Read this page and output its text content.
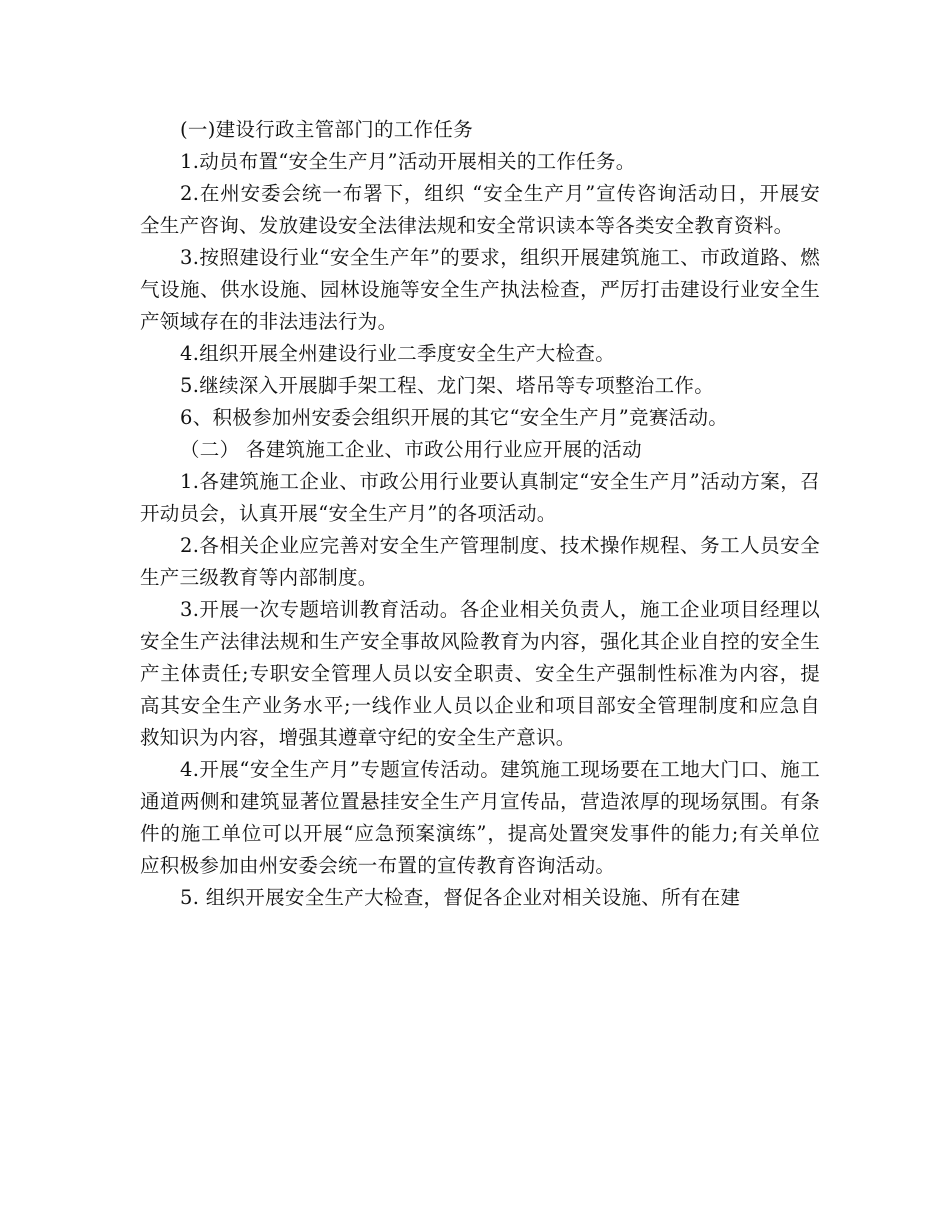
(一)建设行政主管部门的工作任务

1.动员布置“安全生产月”活动开展相关的工作任务。

2.在州安委会统一布署下，组织 “安全生产月”宣传咨询活动日，开展安全生产咨询、发放建设安全法律法规和安全常识读本等各类安全教育资料。

3.按照建设行业“安全生产年”的要求，组织开展建筑施工、市政道路、燃气设施、供水设施、园林设施等安全生产执法检查，严厉打击建设行业安全生产领域存在的非法违法行为。

4.组织开展全州建设行业二季度安全生产大检查。

5.继续深入开展脚手架工程、龙门架、塔吊等专项整治工作。

6、积极参加州安委会组织开展的其它“安全生产月”竞赛活动。

（二） 各建筑施工企业、市政公用行业应开展的活动

1.各建筑施工企业、市政公用行业要认真制定“安全生产月”活动方案，召开动员会，认真开展“安全生产月”的各项活动。

2.各相关企业应完善对安全生产管理制度、技术操作规程、务工人员安全生产三级教育等内部制度。

3.开展一次专题培训教育活动。各企业相关负责人，施工企业项目经理以安全生产法律法规和生产安全事故风险教育为内容，强化其企业自控的安全生产主体责任;专职安全管理人员以安全职责、安全生产强制性标准为内容，提高其安全生产业务水平;一线作业人员以企业和项目部安全管理制度和应急自救知识为内容，增强其遵章守纪的安全生产意识。

4.开展“安全生产月”专题宣传活动。建筑施工现场要在工地大门口、施工通道两侧和建筑显著位置悬挂安全生产月宣传品，营造浓厚的现场氛围。有条件的施工单位可以开展“应急预案演练”，提高处置突发事件的能力;有关单位应积极参加由州安委会统一布置的宣传教育咨询活动。

5. 组织开展安全生产大检查，督促各企业对相关设施、所有在建
